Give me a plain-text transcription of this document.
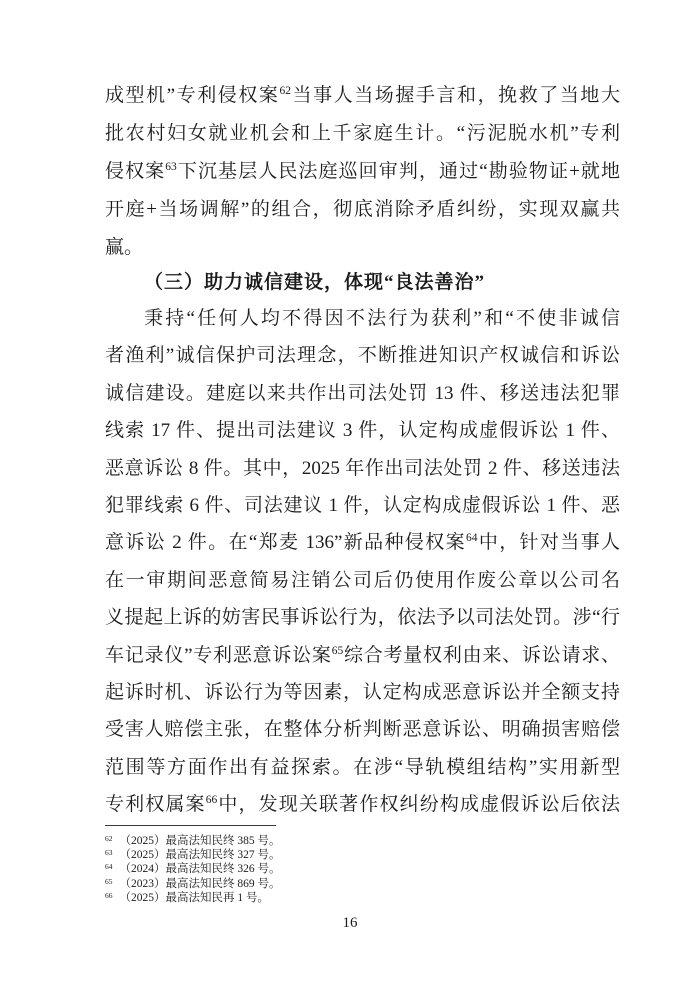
成型机”专利侵权案$^{62}$当事人当场握手言和，挽救了当地大
批农村妇女就业机会和上千家庭生计。“污泥脱水机”专利
侵权案$^{63}$下沉基层人民法庭巡回审判，通过“勘验物证+就地
开庭+当场调解”的组合，彻底消除矛盾纠纷，实现双赢共
赢。
（三）助力诚信建设，体现“良法善治”
秉持“任何人均不得因不法行为获利”和“不使非诚信
者渔利”诚信保护司法理念，不断推进知识产权诚信和诉讼
诚信建设。建庭以来共作出司法处罚 13 件、移送违法犯罪
线索 17 件、提出司法建议 3 件，认定构成虚假诉讼 1 件、
恶意诉讼 8 件。其中，2025 年作出司法处罚 2 件、移送违法
犯罪线索 6 件、司法建议 1 件，认定构成虚假诉讼 1 件、恶
意诉讼 2 件。在“郑麦 136”新品种侵权案$^{64}$中，针对当事人
在一审期间恶意简易注销公司后仍使用作废公章以公司名
义提起上诉的妨害民事诉讼行为，依法予以司法处罚。涉“行
车记录仪”专利恶意诉讼案$^{65}$综合考量权利由来、诉讼请求、
起诉时机、诉讼行为等因素，认定构成恶意诉讼并全额支持
受害人赔偿主张，在整体分析判断恶意诉讼、明确损害赔偿
范围等方面作出有益探索。在涉“导轨模组结构”实用新型
专利权属案$^{66}$中，发现关联著作权纠纷构成虚假诉讼后依法
$^{62}$ （2025）最高法知民终 385 号。
$^{63}$ （2025）最高法知民终 327 号。
$^{64}$ （2024）最高法知民终 326 号。
$^{65}$ （2023）最高法知民终 869 号。
$^{66}$ （2025）最高法知民再 1 号。
16
